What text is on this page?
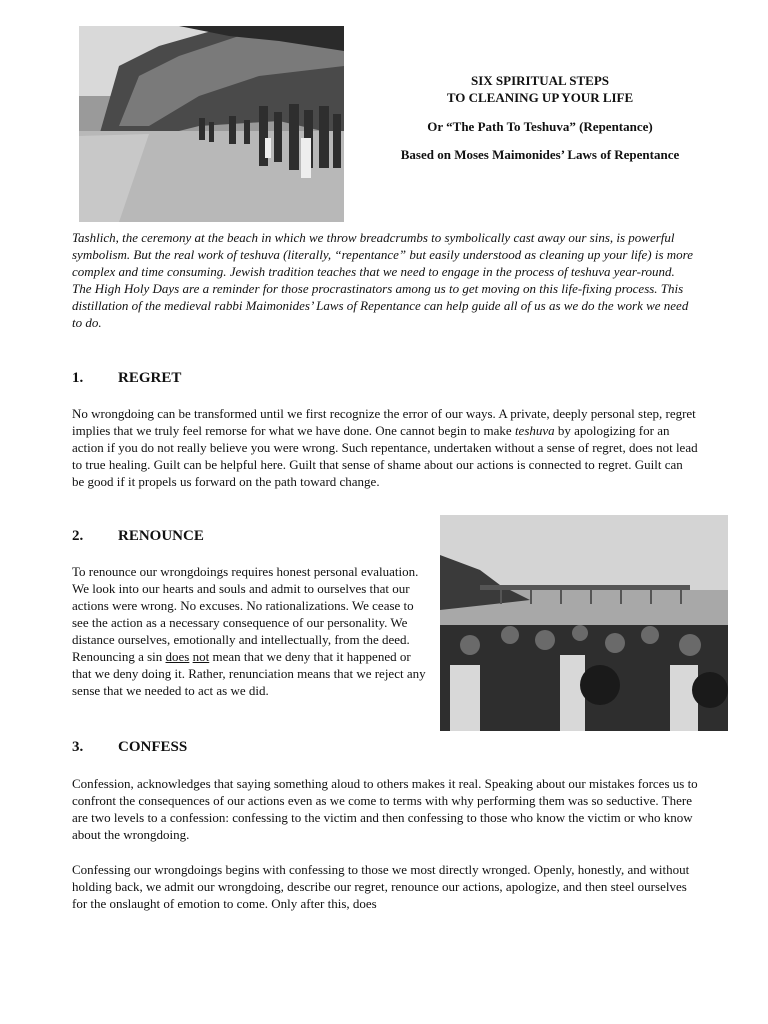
SIX SPIRITUAL STEPS
TO CLEANING UP YOUR LIFE
Or “The Path To Teshuva” (Repentance)
Based on Moses Maimonides’ Laws of Repentance
Tashlich, the ceremony at the beach in which we throw breadcrumbs to symbolically cast away our sins, is powerful symbolism. But the real work of teshuva (literally, “repentance” but easily understood as cleaning up your life) is more complex and time consuming. Jewish tradition teaches that we need to engage in the process of teshuva year-round. The High Holy Days are a reminder for those procrastinators among us to get moving on this life-fixing process. This distillation of the medieval rabbi Maimonides’ Laws of Repentance can help guide all of us as we do the work we need to do.
1. REGRET
No wrongdoing can be transformed until we first recognize the error of our ways. A private, deeply personal step, regret implies that we truly feel remorse for what we have done. One cannot begin to make teshuva by apologizing for an action if you do not really believe you were wrong. Such repentance, undertaken without a sense of regret, does not lead to true healing. Guilt can be helpful here. Guilt that sense of shame about our actions is connected to regret. Guilt can be good if it propels us forward on the path toward change.
2. RENOUNCE
To renounce our wrongdoings requires honest personal evaluation. We look into our hearts and souls and admit to ourselves that our actions were wrong. No excuses. No rationalizations. We cease to see the action as a necessary consequence of our personality. We distance ourselves, emotionally and intellectually, from the deed. Renouncing a sin does not mean that we deny that it happened or that we deny doing it. Rather, renunciation means that we reject any sense that we needed to act as we did.
3. CONFESS
Confession, acknowledges that saying something aloud to others makes it real. Speaking about our mistakes forces us to confront the consequences of our actions even as we come to terms with why performing them was so seductive. There are two levels to a confession: confessing to the victim and then confessing to those who know the victim or who know about the wrongdoing.
Confessing our wrongdoings begins with confessing to those we most directly wronged. Openly, honestly, and without holding back, we admit our wrongdoing, describe our regret, renounce our actions, apologize, and then steel ourselves for the onslaught of emotion to come. Only after this, does
